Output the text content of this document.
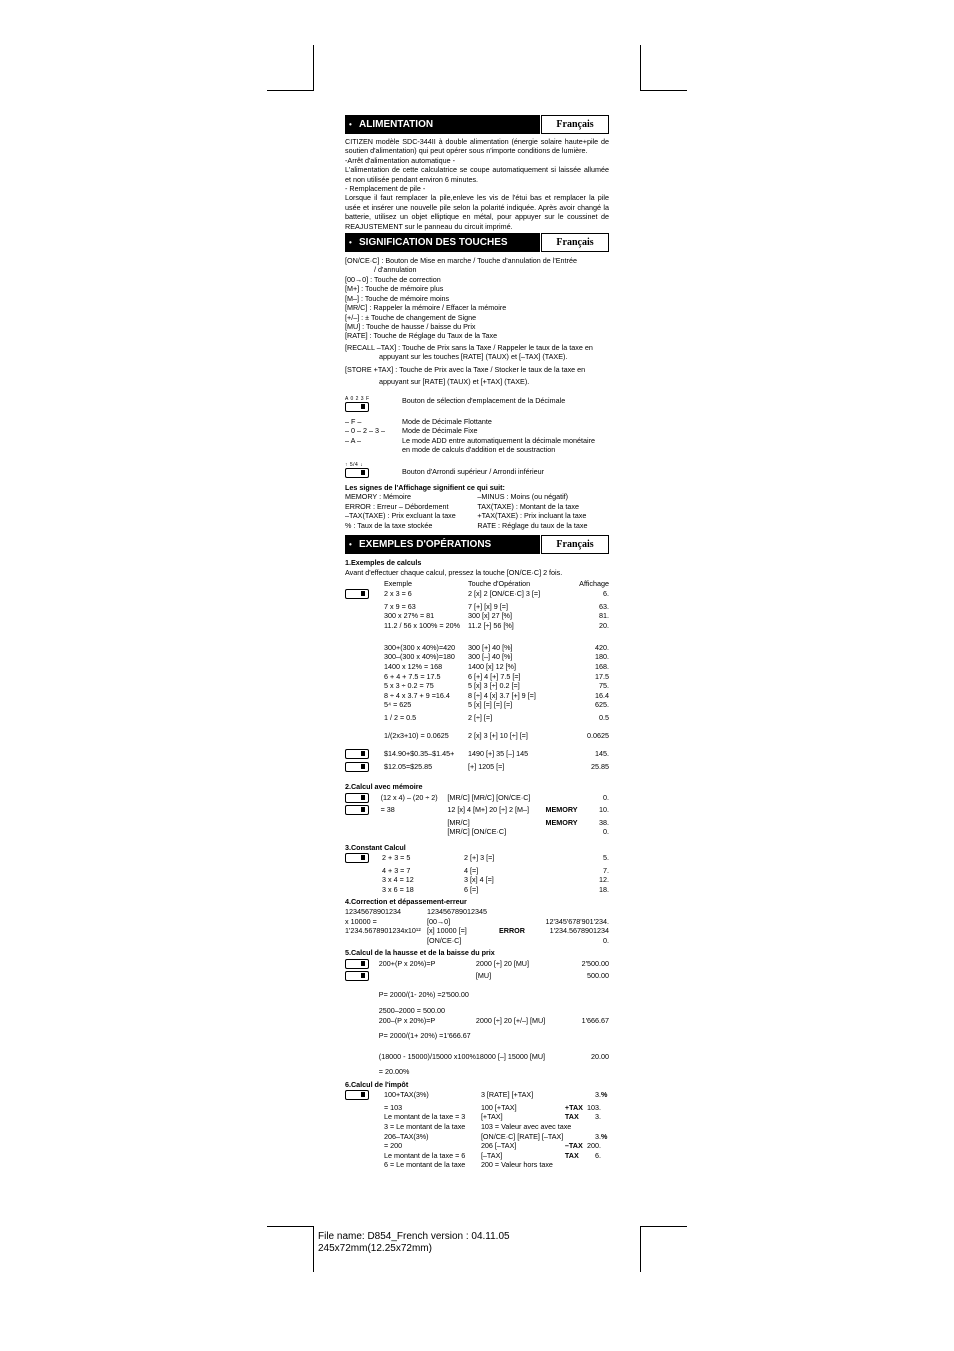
• ALIMENTATION	Français

CITIZEN modèle SDC-344II à double alimentation (énergie solaire haute+pile de soutien d'alimentation) qui peut opérer sous n'importe conditions de lumière.

-Arrêt d'alimentation automatique -

L'alimentation de cette calculatrice se coupe automatiquement si laissée allumée et non utilisée pendant environ 6 minutes.

- Remplacement de pile -

Lorsque il faut remplacer la pile,enleve les vis de l'étui bas et remplacer la pile usée et insérer une nouvelle pile selon la polarité indiquée. Après avoir changé la batterie, utilisez un objet elliptique en métal, pour appuyer sur le coussinet de REAJUSTEMENT sur le panneau du circuit imprimé.

• SIGNIFICATION DES TOUCHES	Français
[ON/CE·C] : Bouton de Mise en marche / Touche d'annulation de l'Entrée
/ d'annulation
[00→0] : Touche de correction
[M+] : Touche de mémoire plus
[M–] : Touche de mémoire moins
[MR/C] : Rappeler la mémoire / Effacer la mémoire
[+/–] : ± Touche de changement de Signe
[MU] : Touche de hausse / baisse du Prix
[RATE] : Touche de Réglage du Taux de la Taxe
[RECALL –TAX] : Touche de Prix sans la Taxe / Rappeler le taux de la taxe en
appuyant sur les touches [RATE] (TAUX) et [–TAX] (TAXE).
[STORE +TAX] : Touche de Prix avec la Taxe / Stocker le taux de la taxe en
appuyant sur [RATE] (TAUX) et [+TAX] (TAXE).
A 0 2 3 F	Bouton de sélection d'emplacement de la Décimale
– F –	Mode de Décimale Flottante
– 0 – 2 – 3 –	Mode de Décimale Fixe
– A –	Le mode ADD entre automatiquement la décimale monétaire en mode de calculs d'addition et de soustraction
↑ 5/4 ↓
Bouton d'Arrondi supérieur / Arrondi inférieur
Les signes de l'Affichage signifient ce qui suit:
MEMORY : Mémoire	–MINUS : Moins (ou négatif)
ERROR : Erreur – Débordement	TAX(TAXE) : Montant de la taxe
–TAX(TAXE) : Prix excluant la taxe	+TAX(TAXE) : Prix incluant la taxe
% : Taux de la taxe stockée	RATE : Réglage du taux de la taxe
• EXEMPLES D'OPÉRATIONS	Français
1.Exemples de calculs
Avant d'effectuer chaque calcul, pressez la touche [ON/CE·C] 2 fois.
	Exemple	Touche d'Opération	Affichage
	2 x 3 = 6	2 [x] 2 [ON/CE·C] 3 [=]	6.
	7 x 9 = 63	7 [+] [x] 9 [=]	63.
	300 x 27% = 81	300 [x] 27 [%]	81.
	11.2 / 56 x 100% = 20%	11.2 [÷] 56 [%]	20.
	300+(300 x 40%)=420	300 [+] 40 [%]	420.
	300–(300 x 40%)=180	300 [–] 40 [%]	180.
	1400 x 12% = 168	1400 [x] 12 [%]	168.
	6 + 4 + 7.5 = 17.5	6 [+] 4 [+] 7.5 [=]	17.5
	5 x 3 ÷ 0.2 = 75	5 [x] 3 [÷] 0.2 [=]	75.
	8 ÷ 4 x 3.7 + 9 =16.4	8 [÷] 4 [x] 3.7 [+] 9 [=]	16.4
	5⁴ = 625	5 [x] [=] [=] [=]	625.
	1 / 2 = 0.5	2 [÷] [=]	0.5
	1/(2x3+10) = 0.0625	2 [x] 3 [+] 10 [÷] [=]	0.0625
	$14.90+$0.35–$1.45+	1490 [+] 35 [–] 145	145.
	$12.05=$25.85	[+] 1205 [=]	25.85
2.Calcul avec mémoire
	(12 x 4) – (20 ÷ 2)	[MR/C] [MR/C] [ON/CE·C]		0.
	= 38	12 [x] 4 [M+] 20 [÷] 2 [M–]	MEMORY	10.
		[MR/C]	MEMORY	38.
		[MR/C] [ON/CE·C]		0.
3.Constant Calcul
	2 + 3 = 5	2 [+] 3 [=]	5.
	4 + 3 = 7	4 [=]	7.
	3 x 4 = 12	3 [x] 4 [=]	12.
	3 x 6 = 18	6 [=]	18.
4.Correction et dépassement-erreur
12345678901234	123456789012345		
x 10000 =	[00→0]		12'345'678'901'234.
1'234.5678901234x10¹²	[x] 10000 [=]	ERROR	1'234.5678901234
	[ON/CE·C]		0.
5.Calcul de la hausse et de la baisse du prix
	200+(P x 20%)=P	2000 [÷] 20 [MU]	2'500.00
		[MU]	500.00
	P= 2000/(1- 20%) =2'500.00		
	2500–2000 = 500.00		
	200–(P x 20%)=P	2000 [÷] 20 [+/–] [MU]	1'666.67
	P= 2000/(1+ 20%) =1'666.67		
	(18000 - 15000)/15000 x100%	18000 [–] 15000 [MU]	20.00
	= 20.00%		
6.Calcul de l'impôt
	100+TAX(3%)	3 [RATE] [+TAX]		3.	%
	= 103	100 [+TAX]	+TAX	103.	
	Le montant de la taxe = 3	[+TAX]	TAX	3.	
	3 = Le montant de la taxe	103 = Valeur avec avec taxe			
	206–TAX(3%)	[ON/CE·C] [RATE] [–TAX]		3.	%
	= 200	206 [–TAX]	–TAX	200.	
	Le montant de la taxe = 6	[–TAX]	TAX	6.	
	6 = Le montant de la taxe	200 = Valeur hors taxe			
File name: D854_French version : 04.11.05
245x72mm(12.25x72mm)
